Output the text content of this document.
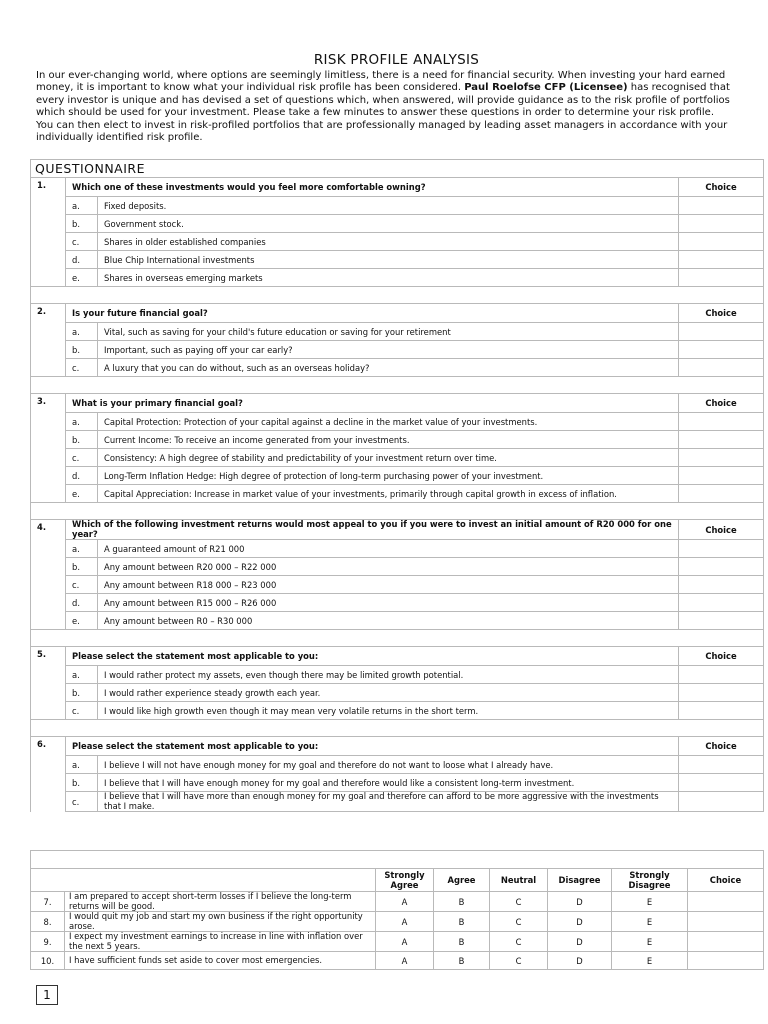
RISK PROFILE ANALYSIS
In our ever-changing world, where options are seemingly limitless, there is a need for financial security. When investing your hard earned money, it is important to know what your individual risk profile has been considered. Paul Roelofse CFP (Licensee) has recognised that every investor is unique and has devised a set of questions which, when answered, will provide guidance as to the risk profile of portfolios which should be used for your investment. Please take a few minutes to answer these questions in order to determine your risk profile. You can then elect to invest in risk-profiled portfolios that are professionally managed by leading asset managers in accordance with your individually identified risk profile.
QUESTIONNAIRE			
1.	Which one of these investments would you feel more comfortable owning?		Choice
	a.	Fixed deposits.	
	b.	Government stock.	
	c.	Shares in older established companies	
	d.	Blue Chip International investments	
	e.	Shares in overseas emerging markets	

2.	Is your future financial goal?		Choice
	a.	Vital, such as saving for your child's future education or saving for your retirement	
	b.	Important, such as paying off your car early?	
	c.	A luxury that you can do without, such as an overseas holiday?	

3.	What is your primary financial goal?		Choice
	a.	Capital Protection: Protection of your capital against a decline in the market value of your investments.	
	b.	Current Income: To receive an income generated from your investments.	
	c.	Consistency: A high degree of stability and predictability of your investment return over time.	
	d.	Long-Term Inflation Hedge: High degree of protection of long-term purchasing power of your investment.	
	e.	Capital Appreciation: Increase in market value of your investments, primarily through capital growth in excess of inflation.	

4.	Which of the following investment returns would most appeal to you if you were to invest an initial amount of R20 000 for one year?		Choice
	a.	A guaranteed amount of R21 000	
	b.	Any amount between R20 000 – R22 000	
	c.	Any amount between R18 000 – R23 000	
	d.	Any amount between R15 000 – R26 000	
	e.	Any amount between R0 – R30 000	

5.	Please select the statement most applicable to you:		Choice
	a.	I would rather protect my assets, even though there may be limited growth potential.	
	b.	I would rather experience steady growth each year.	
	c.	I would like high growth even though it may mean very volatile returns in the short term.	

6.	Please select the statement most applicable to you:		Choice
	a.	I believe I will not have enough money for my goal and therefore do not want to loose what I already have.	
	b.	I believe that I will have enough money for my goal and therefore would like a consistent long-term investment.	
	c.	I believe that I will have more than enough money for my goal and therefore can afford to be more aggressive with the investments that I make.	

		Strongly Agree	Agree	Neutral	Disagree	Strongly Disagree	Choice
7.	I am prepared to accept short-term losses if I believe the long-term returns will be good.	A	B	C	D	E	
8.	I would quit my job and start my own business if the right opportunity arose.	A	B	C	D	E	
9.	I expect my investment earnings to increase in line with inflation over the next 5 years.	A	B	C	D	E	
10.	I have sufficient funds set aside to cover most emergencies.	A	B	C	D	E	
1
